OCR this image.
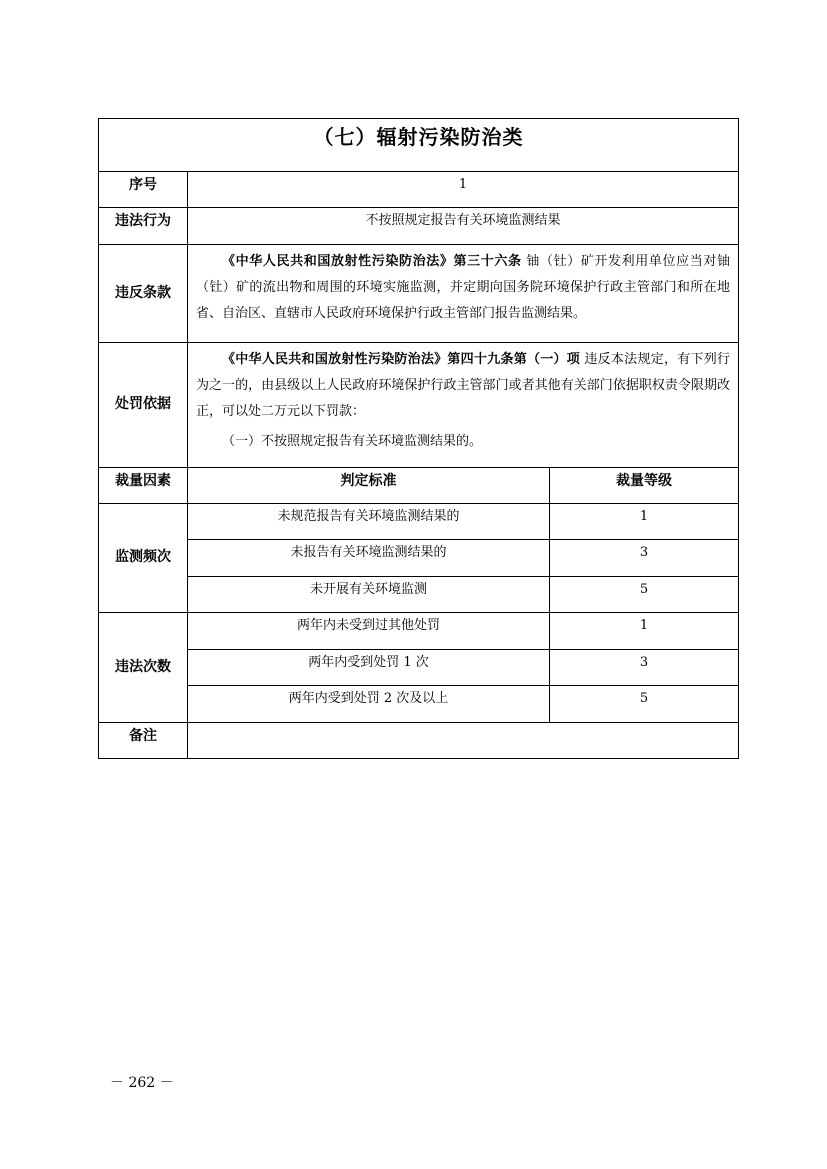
（七）辐射污染防治类		
序号	1	
违法行为	不按照规定报告有关环境监测结果	
违反条款	《中华人民共和国放射性污染防治法》第三十六条 铀（钍）矿开发利用单位应当对铀（钍）矿的流出物和周围的环境实施监测，并定期向国务院环境保护行政主管部门和所在地省、自治区、直辖市人民政府环境保护行政主管部门报告监测结果。	

处罚依据	《中华人民共和国放射性污染防治法》第四十九条第（一）项 违反本法规定，有下列行为之一的，由县级以上人民政府环境保护行政主管部门或者其他有关部门依据职权责令限期改正，可以处二万元以下罚款：

（一）不按照规定报告有关环境监测结果的。	

裁量因素	判定标准	裁量等级
监测频次	未规范报告有关环境监测结果的	1
	未报告有关环境监测结果的	3
	未开展有关环境监测	5
违法次数	两年内未受到过其他处罚	1
	两年内受到处罚 1 次	3
	两年内受到处罚 2 次及以上	5
备注		
－ 262 －
